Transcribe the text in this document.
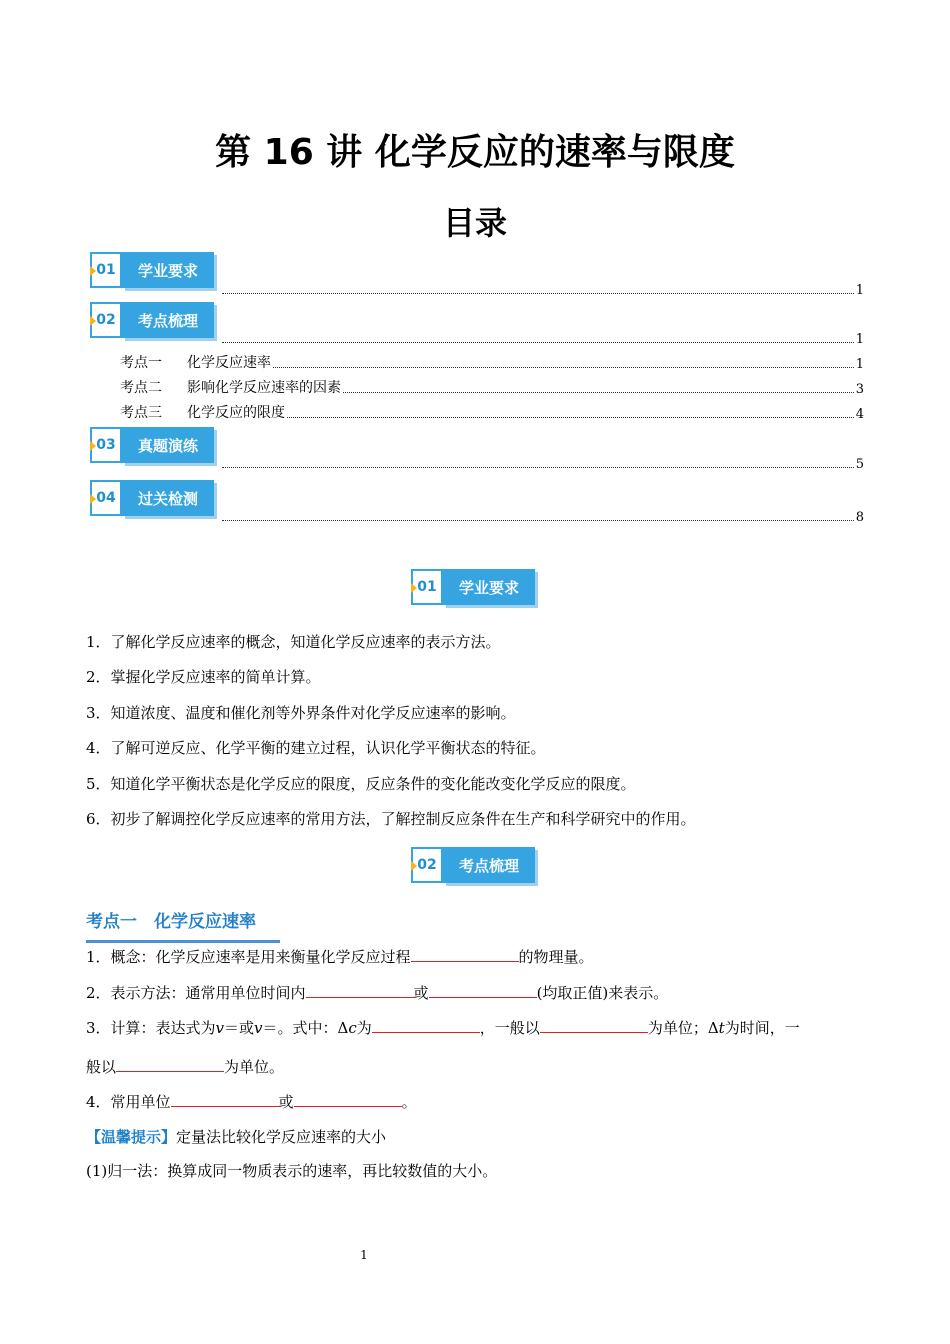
第 16 讲 化学反应的速率与限度
目录
01	学业要求
1
02	考点梳理
1
考点一	化学反应速率	1
考点二	影响化学反应速率的因素	3
考点三	化学反应的限度	4
03	真题演练
5
04	过关检测
8
01	学业要求
1．了解化学反应速率的概念，知道化学反应速率的表示方法。
2．掌握化学反应速率的简单计算。
3．知道浓度、温度和催化剂等外界条件对化学反应速率的影响。
4．了解可逆反应、化学平衡的建立过程，认识化学平衡状态的特征。
5．知道化学平衡状态是化学反应的限度，反应条件的变化能改变化学反应的限度。
6．初步了解调控化学反应速率的常用方法，了解控制反应条件在生产和科学研究中的作用。
02	考点梳理
考点一　化学反应速率
1．概念：化学反应速率是用来衡量化学反应过程	的物理量。
2．表示方法：通常用单位时间内	或	(均取正值)来表示。
3．计算：表达式为v＝或v＝。式中：Δc为	，一般以	为单位；Δt为时间，一
般以	为单位。
4．常用单位	或	。
【温馨提示】定量法比较化学反应速率的大小
(1)归一法：换算成同一物质表示的速率，再比较数值的大小。
1
